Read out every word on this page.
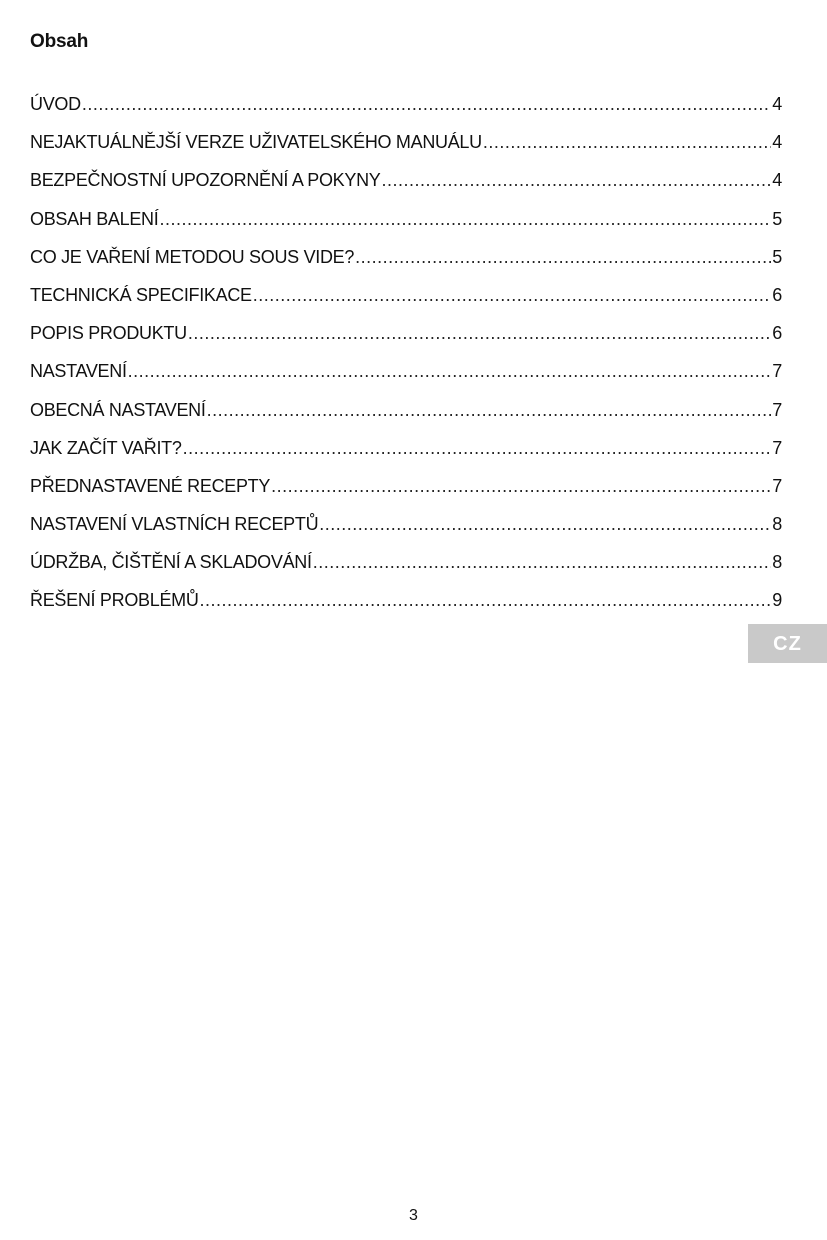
Obsah
ÚVOD .....	4
NEJAKTUÁLNĚJŠÍ VERZE UŽIVATELSKÉHO MANUÁLU .....	4
BEZPEČNOSTNÍ UPOZORNĚNÍ A POKYNY .....	4
OBSAH BALENÍ .....	5
CO JE VAŘENÍ METODOU SOUS VIDE? .....	5
TECHNICKÁ SPECIFIKACE .....	6
POPIS PRODUKTU .....	6
NASTAVENÍ .....	7
OBECNÁ NASTAVENÍ .....	7
JAK ZAČÍT VAŘIT? .....	7
PŘEDNASTAVENÉ RECEPTY .....	7
NASTAVENÍ VLASTNÍCH RECEPTŮ .....	8
ÚDRŽBA, ČIŠTĚNÍ A SKLADOVÁNÍ .....	8
ŘEŠENÍ PROBLÉMŮ .....	9
CZ
3
